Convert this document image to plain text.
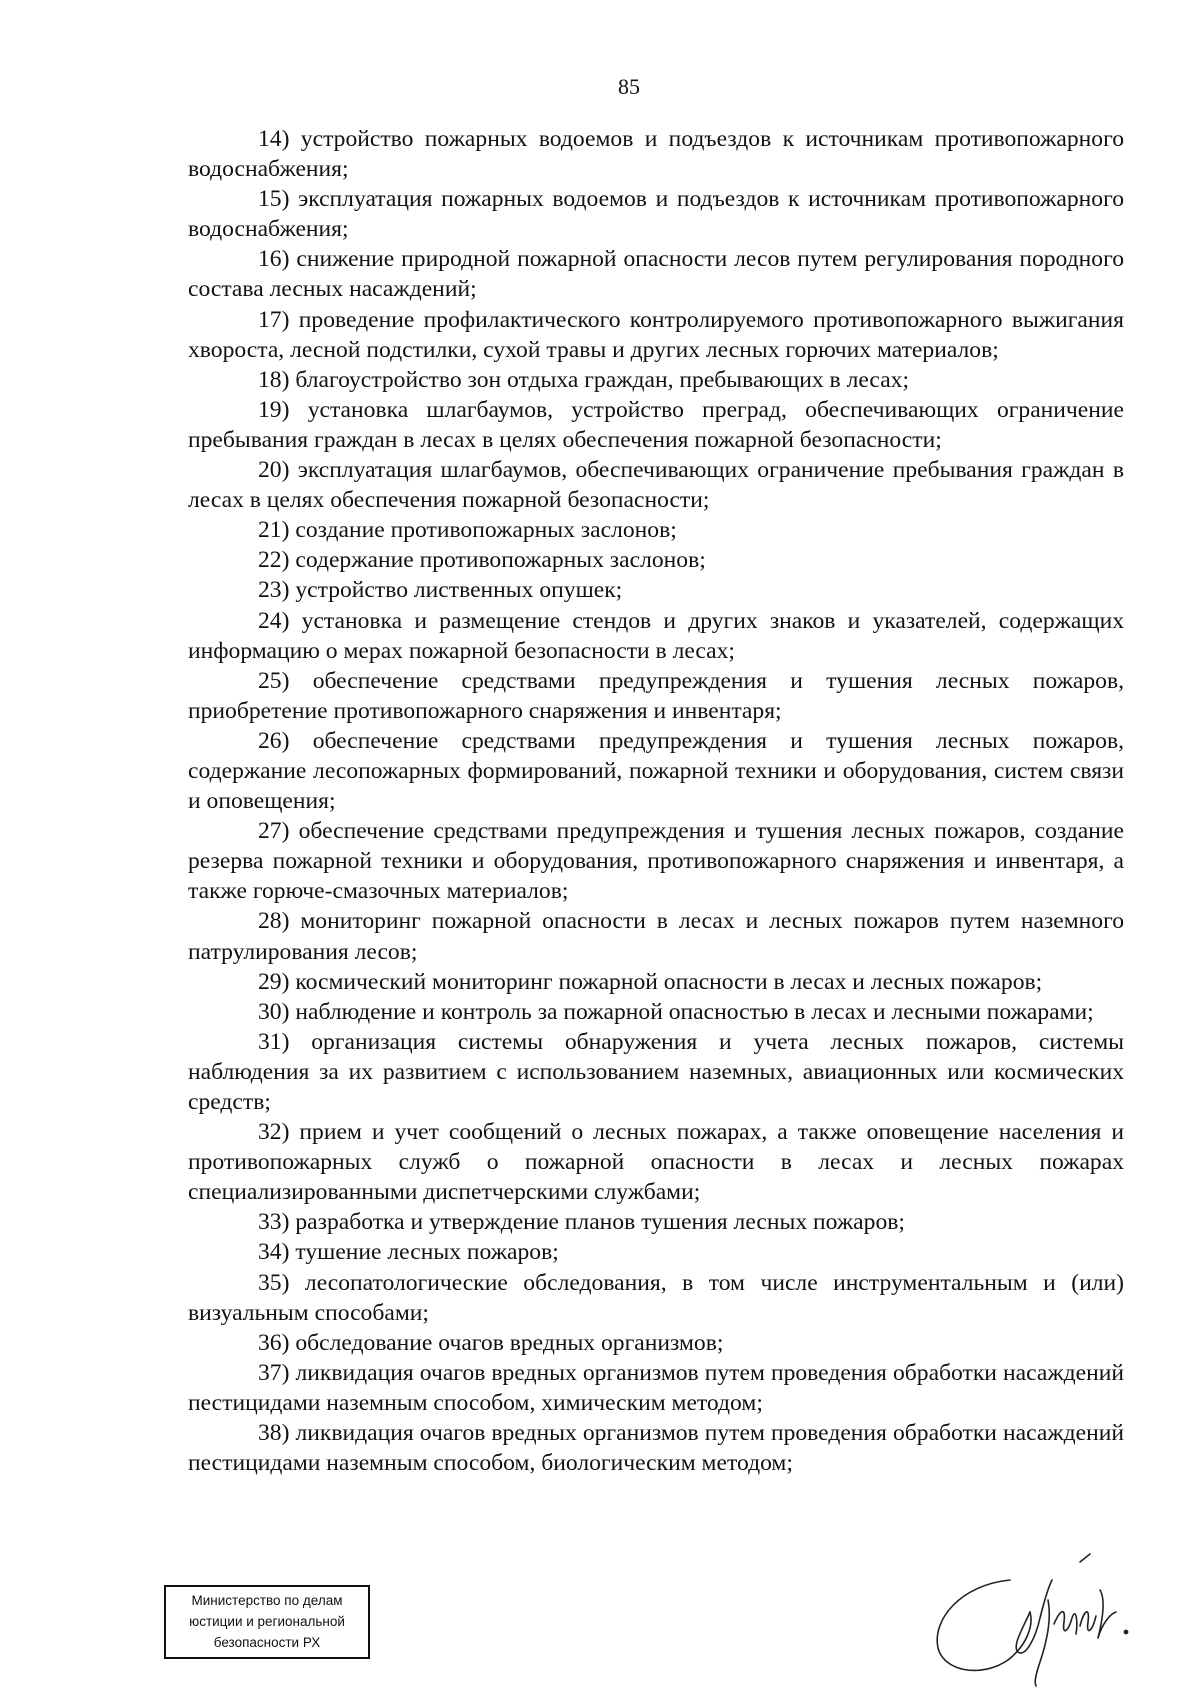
85

14) устройство пожарных водоемов и подъездов к источникам противопожарного водоснабжения;

15) эксплуатация пожарных водоемов и подъездов к источникам противопожарного водоснабжения;

16) снижение природной пожарной опасности лесов путем регулирования породного состава лесных насаждений;

17) проведение профилактического контролируемого противопожарного выжигания хвороста, лесной подстилки, сухой травы и других лесных горючих материалов;

18) благоустройство зон отдыха граждан, пребывающих в лесах;

19) установка шлагбаумов, устройство преград, обеспечивающих ограничение пребывания граждан в лесах в целях обеспечения пожарной безопасности;

20) эксплуатация шлагбаумов, обеспечивающих ограничение пребывания граждан в лесах в целях обеспечения пожарной безопасности;

21) создание противопожарных заслонов;

22) содержание противопожарных заслонов;

23) устройство лиственных опушек;

24) установка и размещение стендов и других знаков и указателей, содержащих информацию о мерах пожарной безопасности в лесах;

25) обеспечение средствами предупреждения и тушения лесных пожаров, приобретение противопожарного снаряжения и инвентаря;

26) обеспечение средствами предупреждения и тушения лесных пожаров, содержание лесопожарных формирований, пожарной техники и оборудования, систем связи и оповещения;

27) обеспечение средствами предупреждения и тушения лесных пожаров, создание резерва пожарной техники и оборудования, противопожарного снаряжения и инвентаря, а также горюче-смазочных материалов;

28) мониторинг пожарной опасности в лесах и лесных пожаров путем наземного патрулирования лесов;

29) космический мониторинг пожарной опасности в лесах и лесных пожаров;

30) наблюдение и контроль за пожарной опасностью в лесах и лесными пожарами;

31) организация системы обнаружения и учета лесных пожаров, системы наблюдения за их развитием с использованием наземных, авиационных или космических средств;

32) прием и учет сообщений о лесных пожарах, а также оповещение населения и противопожарных служб о пожарной опасности в лесах и лесных пожарах специализированными диспетчерскими службами;

33) разработка и утверждение планов тушения лесных пожаров;

34) тушение лесных пожаров;

35) лесопатологические обследования, в том числе инструментальным и (или) визуальным способами;

36) обследование очагов вредных организмов;

37) ликвидация очагов вредных организмов путем проведения обработки насаждений пестицидами наземным способом, химическим методом;

38) ликвидация очагов вредных организмов путем проведения обработки насаждений пестицидами наземным способом, биологическим методом;

Министерство по делам
юстиции и региональной
безопасности РХ
